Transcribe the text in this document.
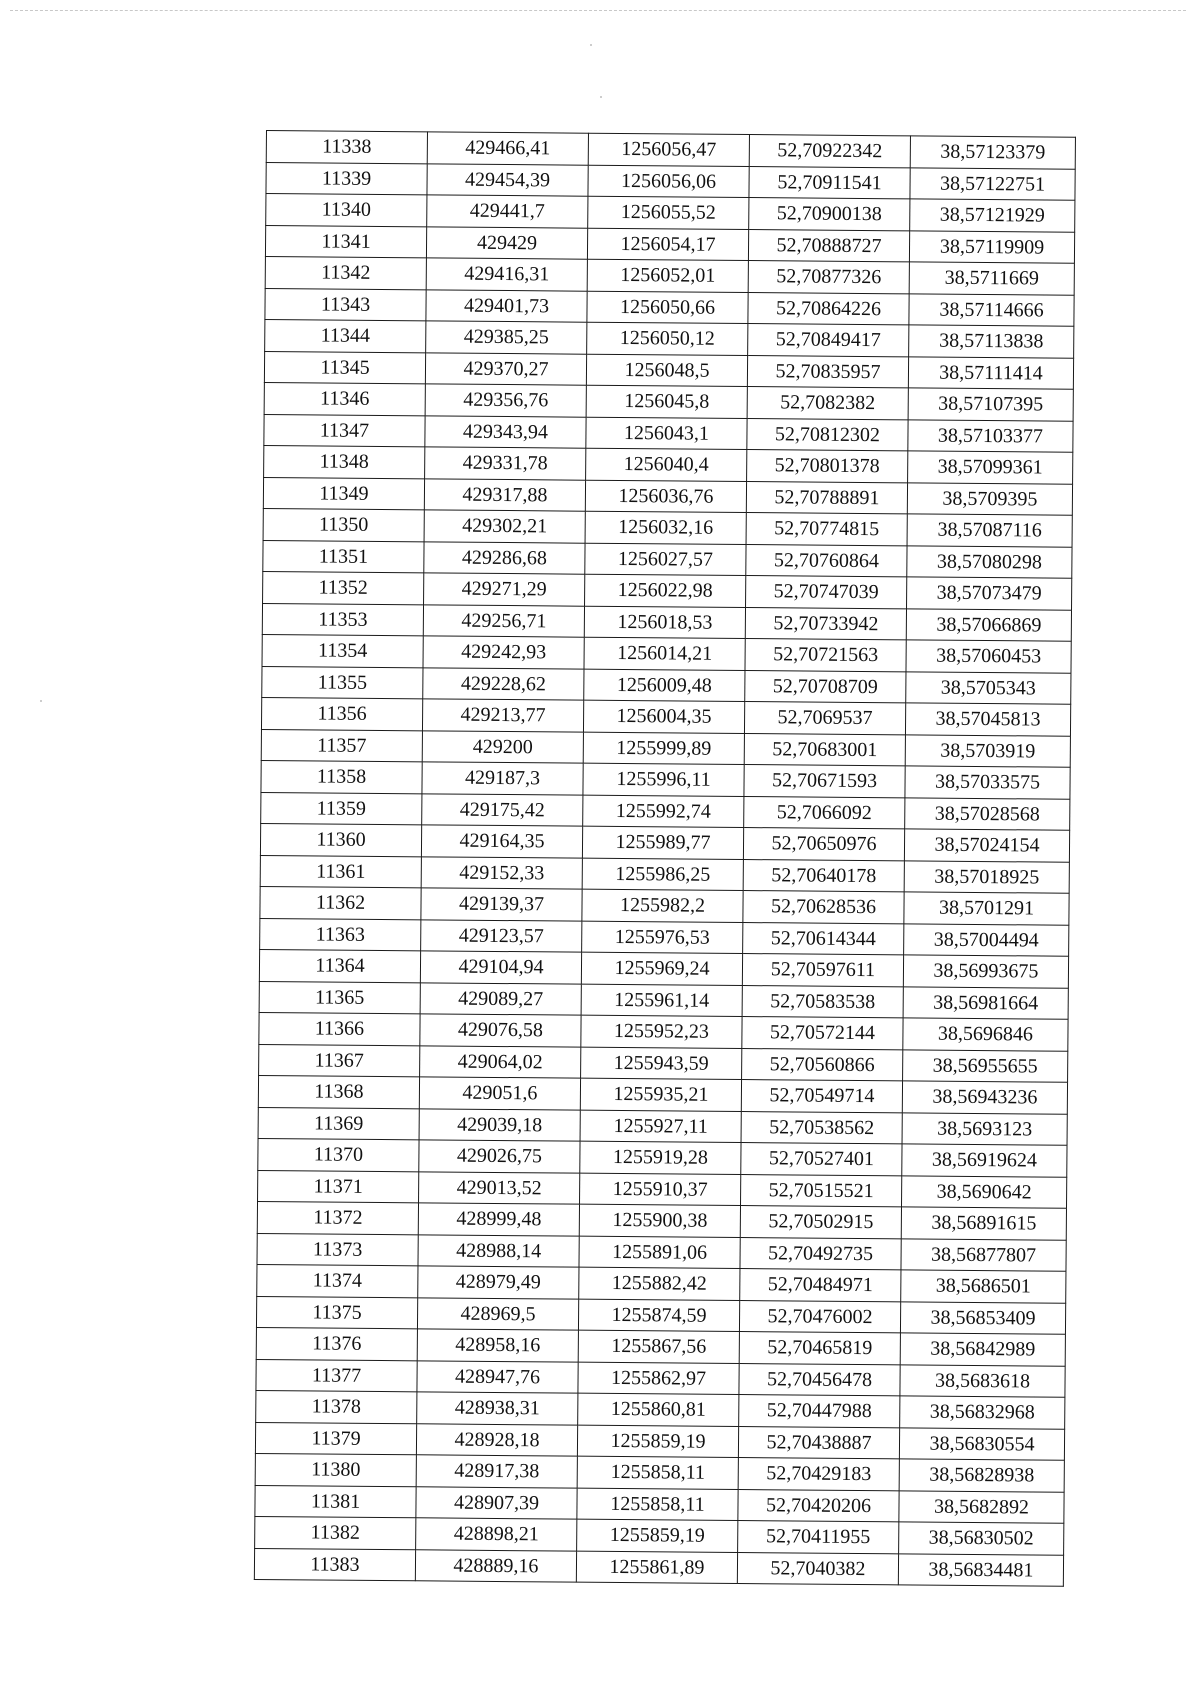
11338	429466,41	1256056,47	52,70922342	38,57123379
11339	429454,39	1256056,06	52,70911541	38,57122751
11340	429441,7	1256055,52	52,70900138	38,57121929
11341	429429	1256054,17	52,70888727	38,57119909
11342	429416,31	1256052,01	52,70877326	38,5711669
11343	429401,73	1256050,66	52,70864226	38,57114666
11344	429385,25	1256050,12	52,70849417	38,57113838
11345	429370,27	1256048,5	52,70835957	38,57111414
11346	429356,76	1256045,8	52,7082382	38,57107395
11347	429343,94	1256043,1	52,70812302	38,57103377
11348	429331,78	1256040,4	52,70801378	38,57099361
11349	429317,88	1256036,76	52,70788891	38,5709395
11350	429302,21	1256032,16	52,70774815	38,57087116
11351	429286,68	1256027,57	52,70760864	38,57080298
11352	429271,29	1256022,98	52,70747039	38,57073479
11353	429256,71	1256018,53	52,70733942	38,57066869
11354	429242,93	1256014,21	52,70721563	38,57060453
11355	429228,62	1256009,48	52,70708709	38,5705343
11356	429213,77	1256004,35	52,7069537	38,57045813
11357	429200	1255999,89	52,70683001	38,5703919
11358	429187,3	1255996,11	52,70671593	38,57033575
11359	429175,42	1255992,74	52,7066092	38,57028568
11360	429164,35	1255989,77	52,70650976	38,57024154
11361	429152,33	1255986,25	52,70640178	38,57018925
11362	429139,37	1255982,2	52,70628536	38,5701291
11363	429123,57	1255976,53	52,70614344	38,57004494
11364	429104,94	1255969,24	52,70597611	38,56993675
11365	429089,27	1255961,14	52,70583538	38,56981664
11366	429076,58	1255952,23	52,70572144	38,5696846
11367	429064,02	1255943,59	52,70560866	38,56955655
11368	429051,6	1255935,21	52,70549714	38,56943236
11369	429039,18	1255927,11	52,70538562	38,5693123
11370	429026,75	1255919,28	52,70527401	38,56919624
11371	429013,52	1255910,37	52,70515521	38,5690642
11372	428999,48	1255900,38	52,70502915	38,56891615
11373	428988,14	1255891,06	52,70492735	38,56877807
11374	428979,49	1255882,42	52,70484971	38,5686501
11375	428969,5	1255874,59	52,70476002	38,56853409
11376	428958,16	1255867,56	52,70465819	38,56842989
11377	428947,76	1255862,97	52,70456478	38,5683618
11378	428938,31	1255860,81	52,70447988	38,56832968
11379	428928,18	1255859,19	52,70438887	38,56830554
11380	428917,38	1255858,11	52,70429183	38,56828938
11381	428907,39	1255858,11	52,70420206	38,5682892
11382	428898,21	1255859,19	52,70411955	38,56830502
11383	428889,16	1255861,89	52,7040382	38,56834481
